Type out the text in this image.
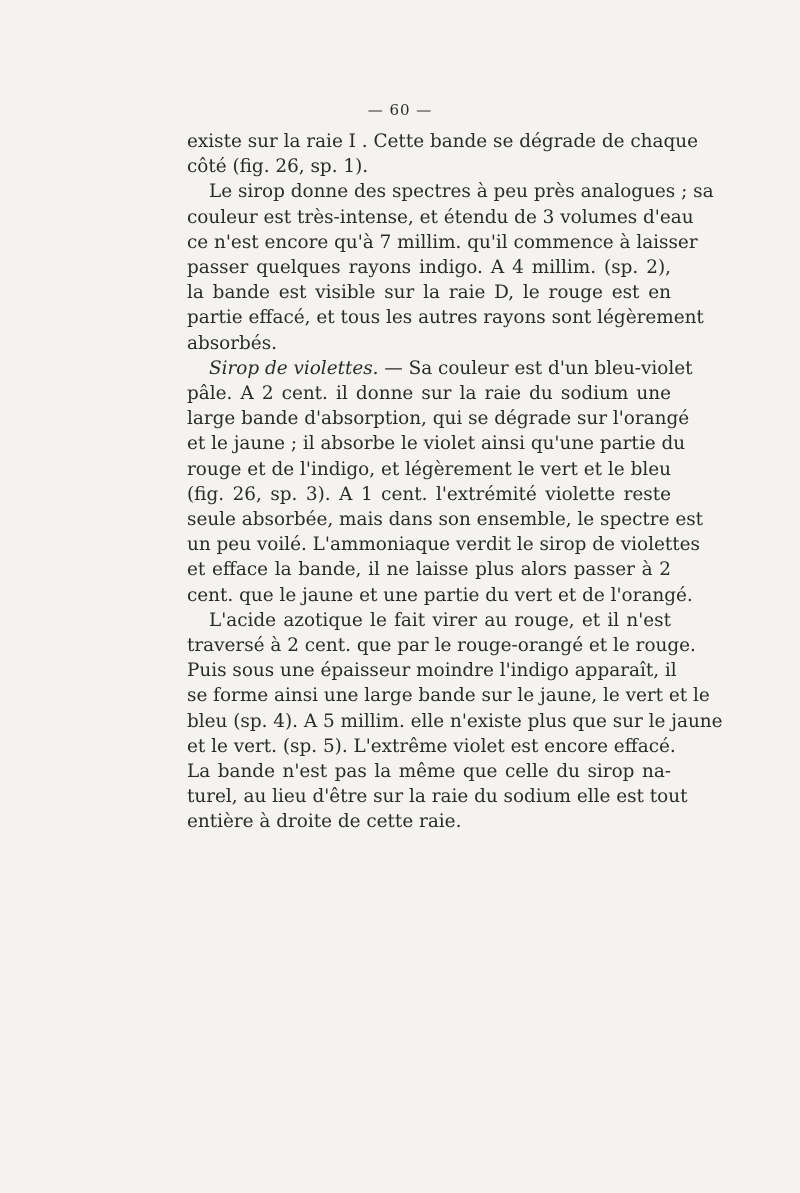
— 60 —
existe sur la raie I . Cette bande se dégrade de chaque
côté (fig. 26, sp. 1).
Le sirop donne des spectres à peu près analogues ; sa
couleur est très-intense, et étendu de 3 volumes d'eau
ce n'est encore qu'à 7 millim. qu'il commence à laisser
passer quelques rayons indigo. A 4 millim. (sp. 2),
la bande est visible sur la raie D, le rouge est en
partie effacé, et tous les autres rayons sont légèrement
absorbés.
Sirop de violettes. — Sa couleur est d'un bleu-violet
pâle. A 2 cent. il donne sur la raie du sodium une
large bande d'absorption, qui se dégrade sur l'orangé
et le jaune ; il absorbe le violet ainsi qu'une partie du
rouge et de l'indigo, et légèrement le vert et le bleu
(fig. 26, sp. 3). A 1 cent. l'extrémité violette reste
seule absorbée, mais dans son ensemble, le spectre est
un peu voilé. L'ammoniaque verdit le sirop de violettes
et efface la bande, il ne laisse plus alors passer à 2
cent. que le jaune et une partie du vert et de l'orangé.
L'acide azotique le fait virer au rouge, et il n'est
traversé à 2 cent. que par le rouge-orangé et le rouge.
Puis sous une épaisseur moindre l'indigo apparaît, il
se forme ainsi une large bande sur le jaune, le vert et le
bleu (sp. 4). A 5 millim. elle n'existe plus que sur le jaune
et le vert. (sp. 5). L'extrême violet est encore effacé.
La bande n'est pas la même que celle du sirop na-
turel, au lieu d'être sur la raie du sodium elle est tout
entière à droite de cette raie.
